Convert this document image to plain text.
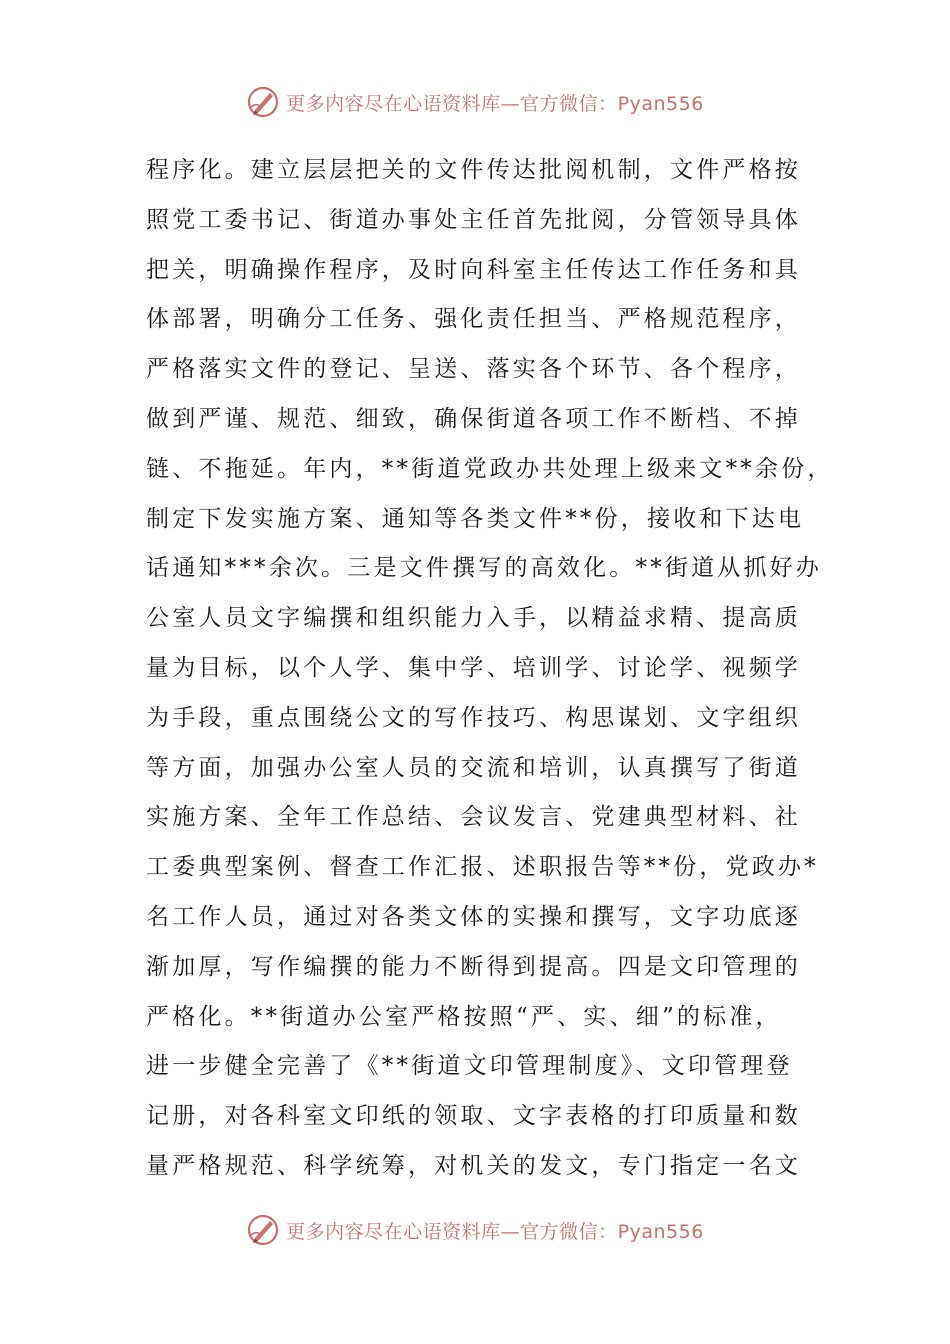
更多内容尽在心语资料库—官方微信：Pyan556
程序化。建立层层把关的文件传达批阅机制，文件严格按
照党工委书记、街道办事处主任首先批阅，分管领导具体
把关，明确操作程序，及时向科室主任传达工作任务和具
体部署，明确分工任务、强化责任担当、严格规范程序，
严格落实文件的登记、呈送、落实各个环节、各个程序，
做到严谨、规范、细致，确保街道各项工作不断档、不掉
链、不拖延。年内，**街道党政办共处理上级来文**余份，
制定下发实施方案、通知等各类文件**份，接收和下达电
话通知***余次。三是文件撰写的高效化。**街道从抓好办
公室人员文字编撰和组织能力入手，以精益求精、提高质
量为目标，以个人学、集中学、培训学、讨论学、视频学
为手段，重点围绕公文的写作技巧、构思谋划、文字组织
等方面，加强办公室人员的交流和培训，认真撰写了街道
实施方案、全年工作总结、会议发言、党建典型材料、社
工委典型案例、督查工作汇报、述职报告等**份，党政办*
名工作人员，通过对各类文体的实操和撰写，文字功底逐
渐加厚，写作编撰的能力不断得到提高。四是文印管理的
严格化。**街道办公室严格按照“严、实、细”的标准，
进一步健全完善了《**街道文印管理制度》、文印管理登
记册，对各科室文印纸的领取、文字表格的打印质量和数
量严格规范、科学统筹，对机关的发文，专门指定一名文
更多内容尽在心语资料库—官方微信：Pyan556
